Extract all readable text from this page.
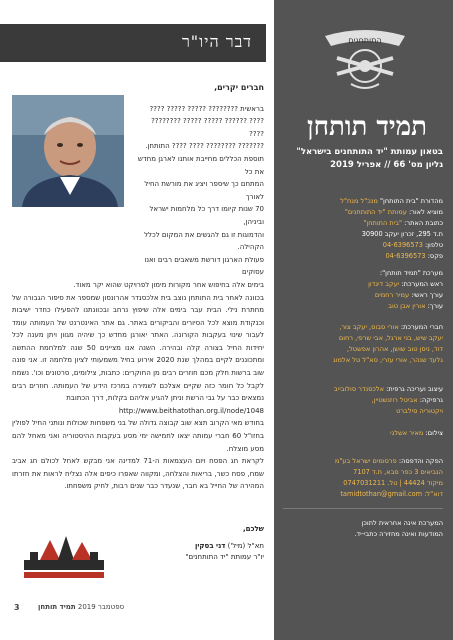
דבר היו"ר
חברים יקרים,
בראשית ???????? ????? ????? ????
???? ?????? ????? ????? ???????? ????
??????? ???????? ???? ???? התותחן.
תוספת הכללים מחייבת אותנו לארגן מחדש את כל
המתחם כך שיספר ויציג את מורשת החיל לאורך
70 שנות קיומו דרך כל מלחמות ישראל וביניהן,
והדמוגות זו גם להגשים את המקום לכלל הקהילה.
פעולת הארגון דורשת משאבים רבים ואנו עסוקים
בימים אלה בחיפוש אחר מקורות מימון לפרויקט שהוא יקר מאוד.
בכוונה לאחר בית התותחן נוצב בית אלכסנדר אהרונסון שמספר את סיפור הגבורה של מחתרת נילי. הבית עבר בימים אלה שיפוץ נרחב ובכוונתנו להפעילו כחדר ישיבות וכנקודת מוצא לכל הסיורים והביקורים באתר. גם אתר האינטרנט של העמותה עומד לעבור שינוי בעקבות הקורונה. האתר יאורגן מחדש כך שיהיה מגוון ויתן מענה לכל יחידות החיל בצורה קלה ובהירה. השנה אנו מציינים 50 שנה למלחמת ההתשה ומתכוננים לקיים במהלך שנת 2020 אירוע בחיל משמעותי לציון מלחמה זו. אני פונה שוב ברשות חלק מכם חוזרים רבים מן החוקרים: כתבות, צילומים, סרטונים וכו'. נשמח לקבל כל חומר כזה שקיים אצלכם לשמירה במרכז הידע של העמותה. חוזרים רבים נמצאים כבר על גבי הרשת וניתן להגיע אליהם בקלות, דרך הכתובת
http://www.beithatothan.org.il/node/1048
בחודש מאי הקרוב תצא שוב קבוצה גדולה של בני משפחות שכולות ונותני החיל לפולין בחזו"ל 60 חברי עמותה יצאו לחמישה ימי מסע בעקבות ההיסטוריה ואני מאחל להם מסע מוצלח.
לקראת חג הפסח ויום העצמאות ה-71 למדינה אני מבקש לאחל לכולם חג אביב שמח, פסח כשר, בריאות והצלחה, ומקווה שאפרו כיפים אלה נצליח לראות את חזרתו המהירה של החייל בא חבר, שנעדר כבר שנים רבות, לחיק משפחתו.
שלכם,
תא"ל (מיל') דני בסקין
יו"ר עמותת "יד התותחנים"
3	ספטמבר 2019 תמיד תותחן
התותחנים
תמיד תותחן
בטאון עמותת "יד התותחנים בישראל"
גליון מס' 66 // אפריל 2019
מהדורת "בית התותחן" מנכ"ל מנח"ל
מוציא לאור: עמותת "יד התותחנים"
כתובת האתר: "בית התותחן"
ת.ד 295, זכרון יעקב 30900
טלפון: 04-6396573
פקס: 04-6396573
מערכת "תמיד תותחן":
ראש המערכת: יעקב דיגדון
עורך ראשי: עמיר רחמים
עורך: אורין אבן טוב
חברי המערכת: אורי סבוס, יעקב צור,
יעקב שיש, בני ארגל, אבי שרפי, רחום
דוד, ניסן טוב שושן, אהרון אפשטל,
גלעד שנהר, אורי עזרי, סא"ל טל אלמוג
עיצוב ועריכה גרפית: אלכסנדר סולובייב
גרפיקה: אביטל רוזנשטיין,
ויקטוריה סילברט
צילום: מאיר אשלגי
הפקה והדפסה: פרסומים ישראל בע"מ
הנביאים 3 כפר סבא, ת.ד 7107
מיקוד 44424 | טל. 0747031211
דוא"ל: tamidtothan@gmail.com
המערכת אינה אחראית לתוכן
המודעות ואינה מחזירה כתבי-יד.
